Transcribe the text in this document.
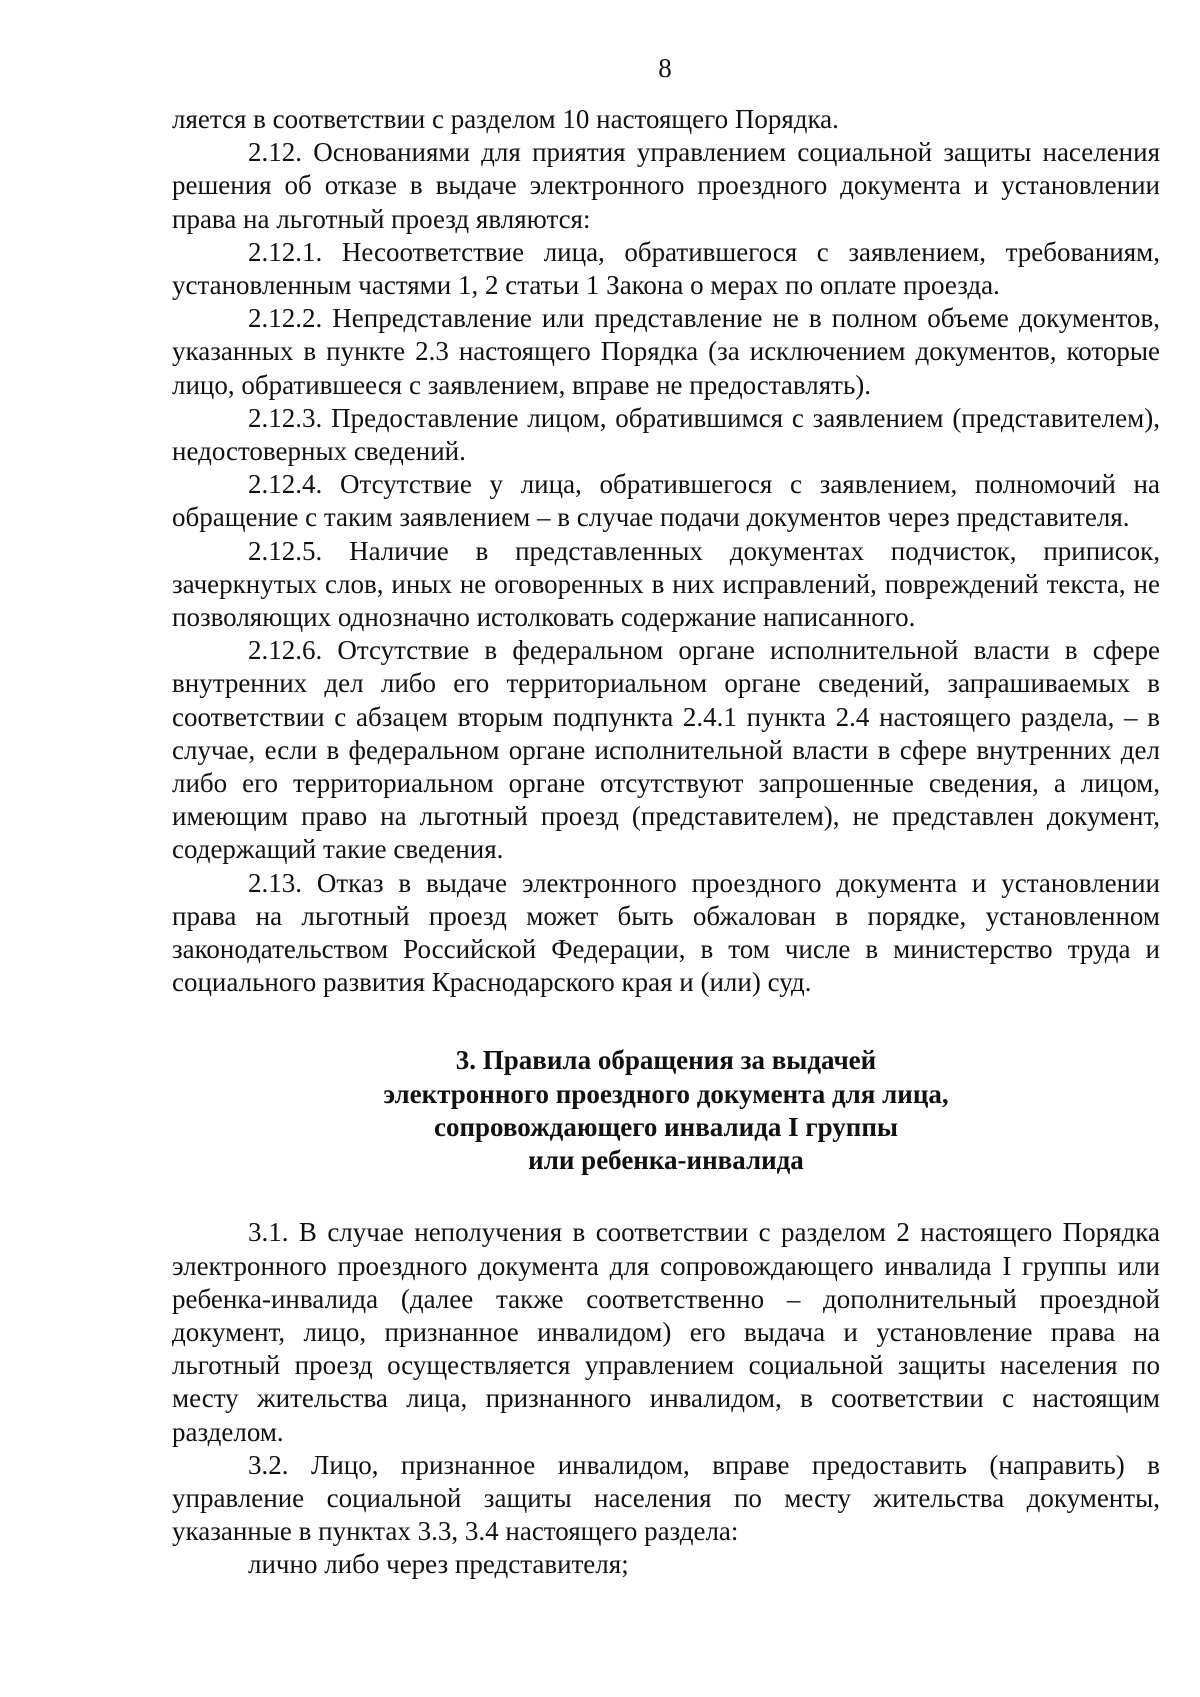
8

ляется в соответствии с разделом 10 настоящего Порядка.

2.12. Основаниями для приятия управлением социальной защиты населения решения об отказе в выдаче электронного проездного документа и установлении права на льготный проезд являются:

2.12.1. Несоответствие лица, обратившегося с заявлением, требованиям, установленным частями 1, 2 статьи 1 Закона о мерах по оплате проезда.

2.12.2. Непредставление или представление не в полном объеме документов, указанных в пункте 2.3 настоящего Порядка (за исключением документов, которые лицо, обратившееся с заявлением, вправе не предоставлять).

2.12.3. Предоставление лицом, обратившимся с заявлением (представителем), недостоверных сведений.

2.12.4. Отсутствие у лица, обратившегося с заявлением, полномочий на обращение с таким заявлением – в случае подачи документов через представителя.

2.12.5. Наличие в представленных документах подчисток, приписок, зачеркнутых слов, иных не оговоренных в них исправлений, повреждений текста, не позволяющих однозначно истолковать содержание написанного.

2.12.6. Отсутствие в федеральном органе исполнительной власти в сфере внутренних дел либо его территориальном органе сведений, запрашиваемых в соответствии с абзацем вторым подпункта 2.4.1 пункта 2.4 настоящего раздела, – в случае, если в федеральном органе исполнительной власти в сфере внутренних дел либо его территориальном органе отсутствуют запрошенные сведения, а лицом, имеющим право на льготный проезд (представителем), не представлен документ, содержащий такие сведения.

2.13. Отказ в выдаче электронного проездного документа и установлении права на льготный проезд может быть обжалован в порядке, установленном законодательством Российской Федерации, в том числе в министерство труда и социального развития Краснодарского края и (или) суд.

3. Правила обращения за выдачей
электронного проездного документа для лица,
сопровождающего инвалида I группы
или ребенка-инвалида

3.1. В случае неполучения в соответствии с разделом 2 настоящего Порядка электронного проездного документа для сопровождающего инвалида I группы или ребенка-инвалида (далее также соответственно – дополнительный проездной документ, лицо, признанное инвалидом) его выдача и установление права на льготный проезд осуществляется управлением социальной защиты населения по месту жительства лица, признанного инвалидом, в соответствии с настоящим разделом.

3.2. Лицо, признанное инвалидом, вправе предоставить (направить) в управление социальной защиты населения по месту жительства документы, указанные в пунктах 3.3, 3.4 настоящего раздела:

лично либо через представителя;
